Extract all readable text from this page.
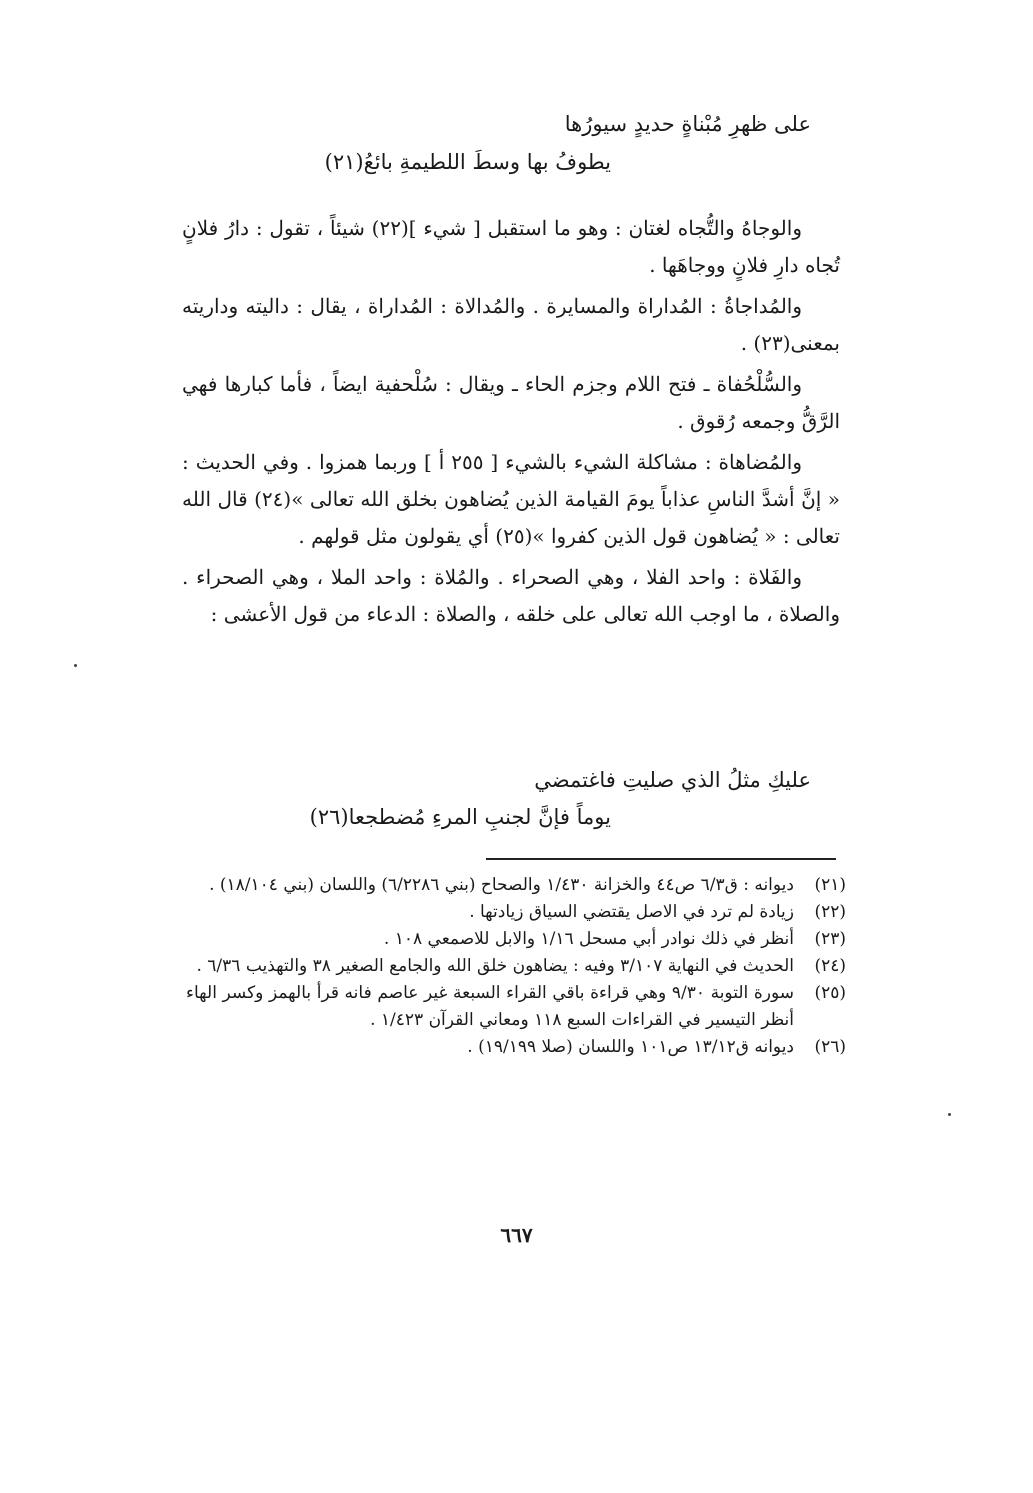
على ظهرِ مُبْناةٍ حديدٍ سيورُها
يطوفُ بها وسطَ اللطيمةِ بائعُ(٢١)

والوجاهُ والتُّجاه لغتان : وهو ما استقبل [ شيء ](٢٢) شيئاً ، تقول : دارُ فلانٍ تُجاه دارِ فلانٍ ووجاهَها .

والمُداجاةُ : المُداراة والمسايرة . والمُدالاة : المُداراة ، يقال : داليته وداريته بمعنى(٢٣) .

والسُّلْحُفاة ـ فتح اللام وجزم الحاء ـ ويقال : سُلْحفية ايضاً ، فأما كبارها فهي الرَّقُّ وجمعه رُقوق .

والمُضاهاة : مشاكلة الشيء بالشيء [ ٢٥٥ أ ] وربما همزوا . وفي الحديث : « إنَّ أشدَّ الناسِ عذاباً يومَ القيامة الذين يُضاهون بخلق الله تعالى »(٢٤) قال الله تعالى : « يُضاهون قول الذين كفروا »(٢٥) أي يقولون مثل قولهم .

والفَلاة : واحد الفلا ، وهي الصحراء . والمُلاة : واحد الملا ، وهي الصحراء . والصلاة ، ما اوجب الله تعالى على خلقه ، والصلاة : الدعاء من قول الأعشى :

عليكِ مثلُ الذي صليتِ فاغتمضي
يوماً فإنَّ لجنبِ المرءِ مُضطجعا(٢٦)
(٢١)
ديوانه : ق٦/٣ ص٤٤ والخزانة ١/٤٣٠ والصحاح (بني ٦/٢٢٨٦) واللسان (بني ١٨/١٠٤) .
(٢٢)
زيادة لم ترد في الاصل يقتضي السياق زيادتها .
(٢٣)
أنظر في ذلك نوادر أبي مسحل ١/١٦ والابل للاصمعي ١٠٨ .
(٢٤)
الحديث في النهاية ٣/١٠٧ وفيه : يضاهون خلق الله والجامع الصغير ٣٨ والتهذيب ٦/٣٦ .
(٢٥)
سورة التوبة ٩/٣٠ وهي قراءة باقي القراء السبعة غير عاصم فانه قرأ بالهمز وكسر الهاء أنظر التيسير في القراءات السبع ١١٨ ومعاني القرآن ١/٤٢٣ .
(٢٦)
ديوانه ق١٣/١٢ ص١٠١ واللسان (صلا ١٩/١٩٩) .
٦٦٧
